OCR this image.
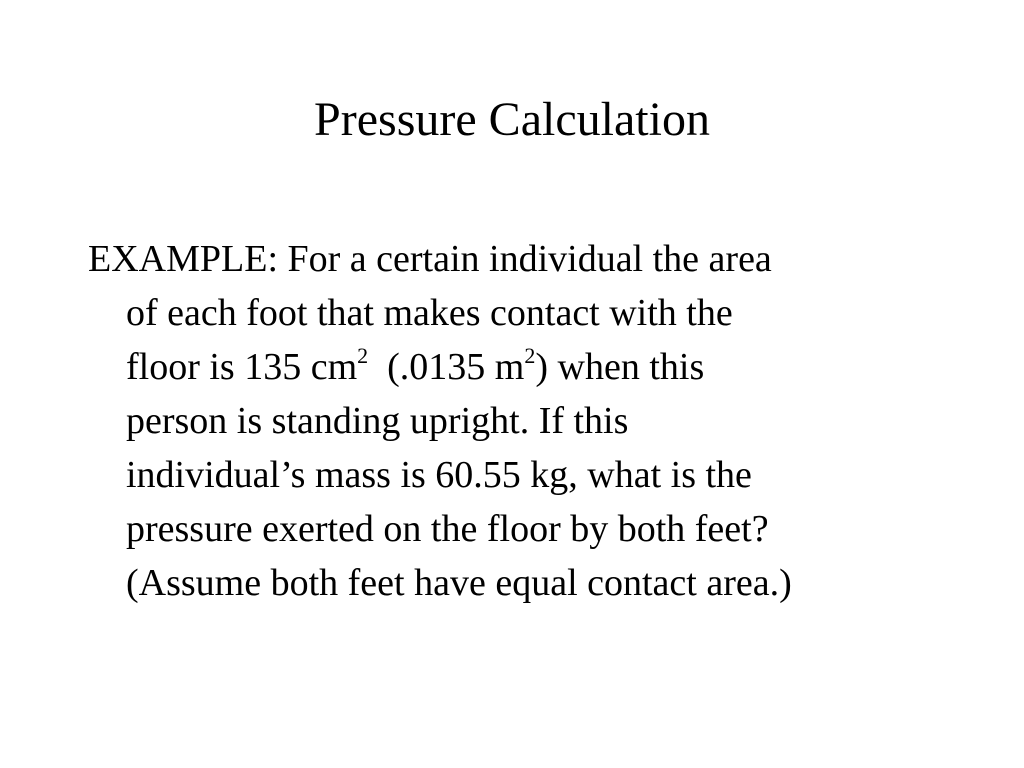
Pressure Calculation
EXAMPLE: For a certain individual the area
of each foot that makes contact with the
floor is 135 $cm^2$  (.0135 $m^2$) when this
person is standing upright. If this
individual’s mass is 60.55 kg, what is the
pressure exerted on the floor by both feet?
(Assume both feet have equal contact area.)
